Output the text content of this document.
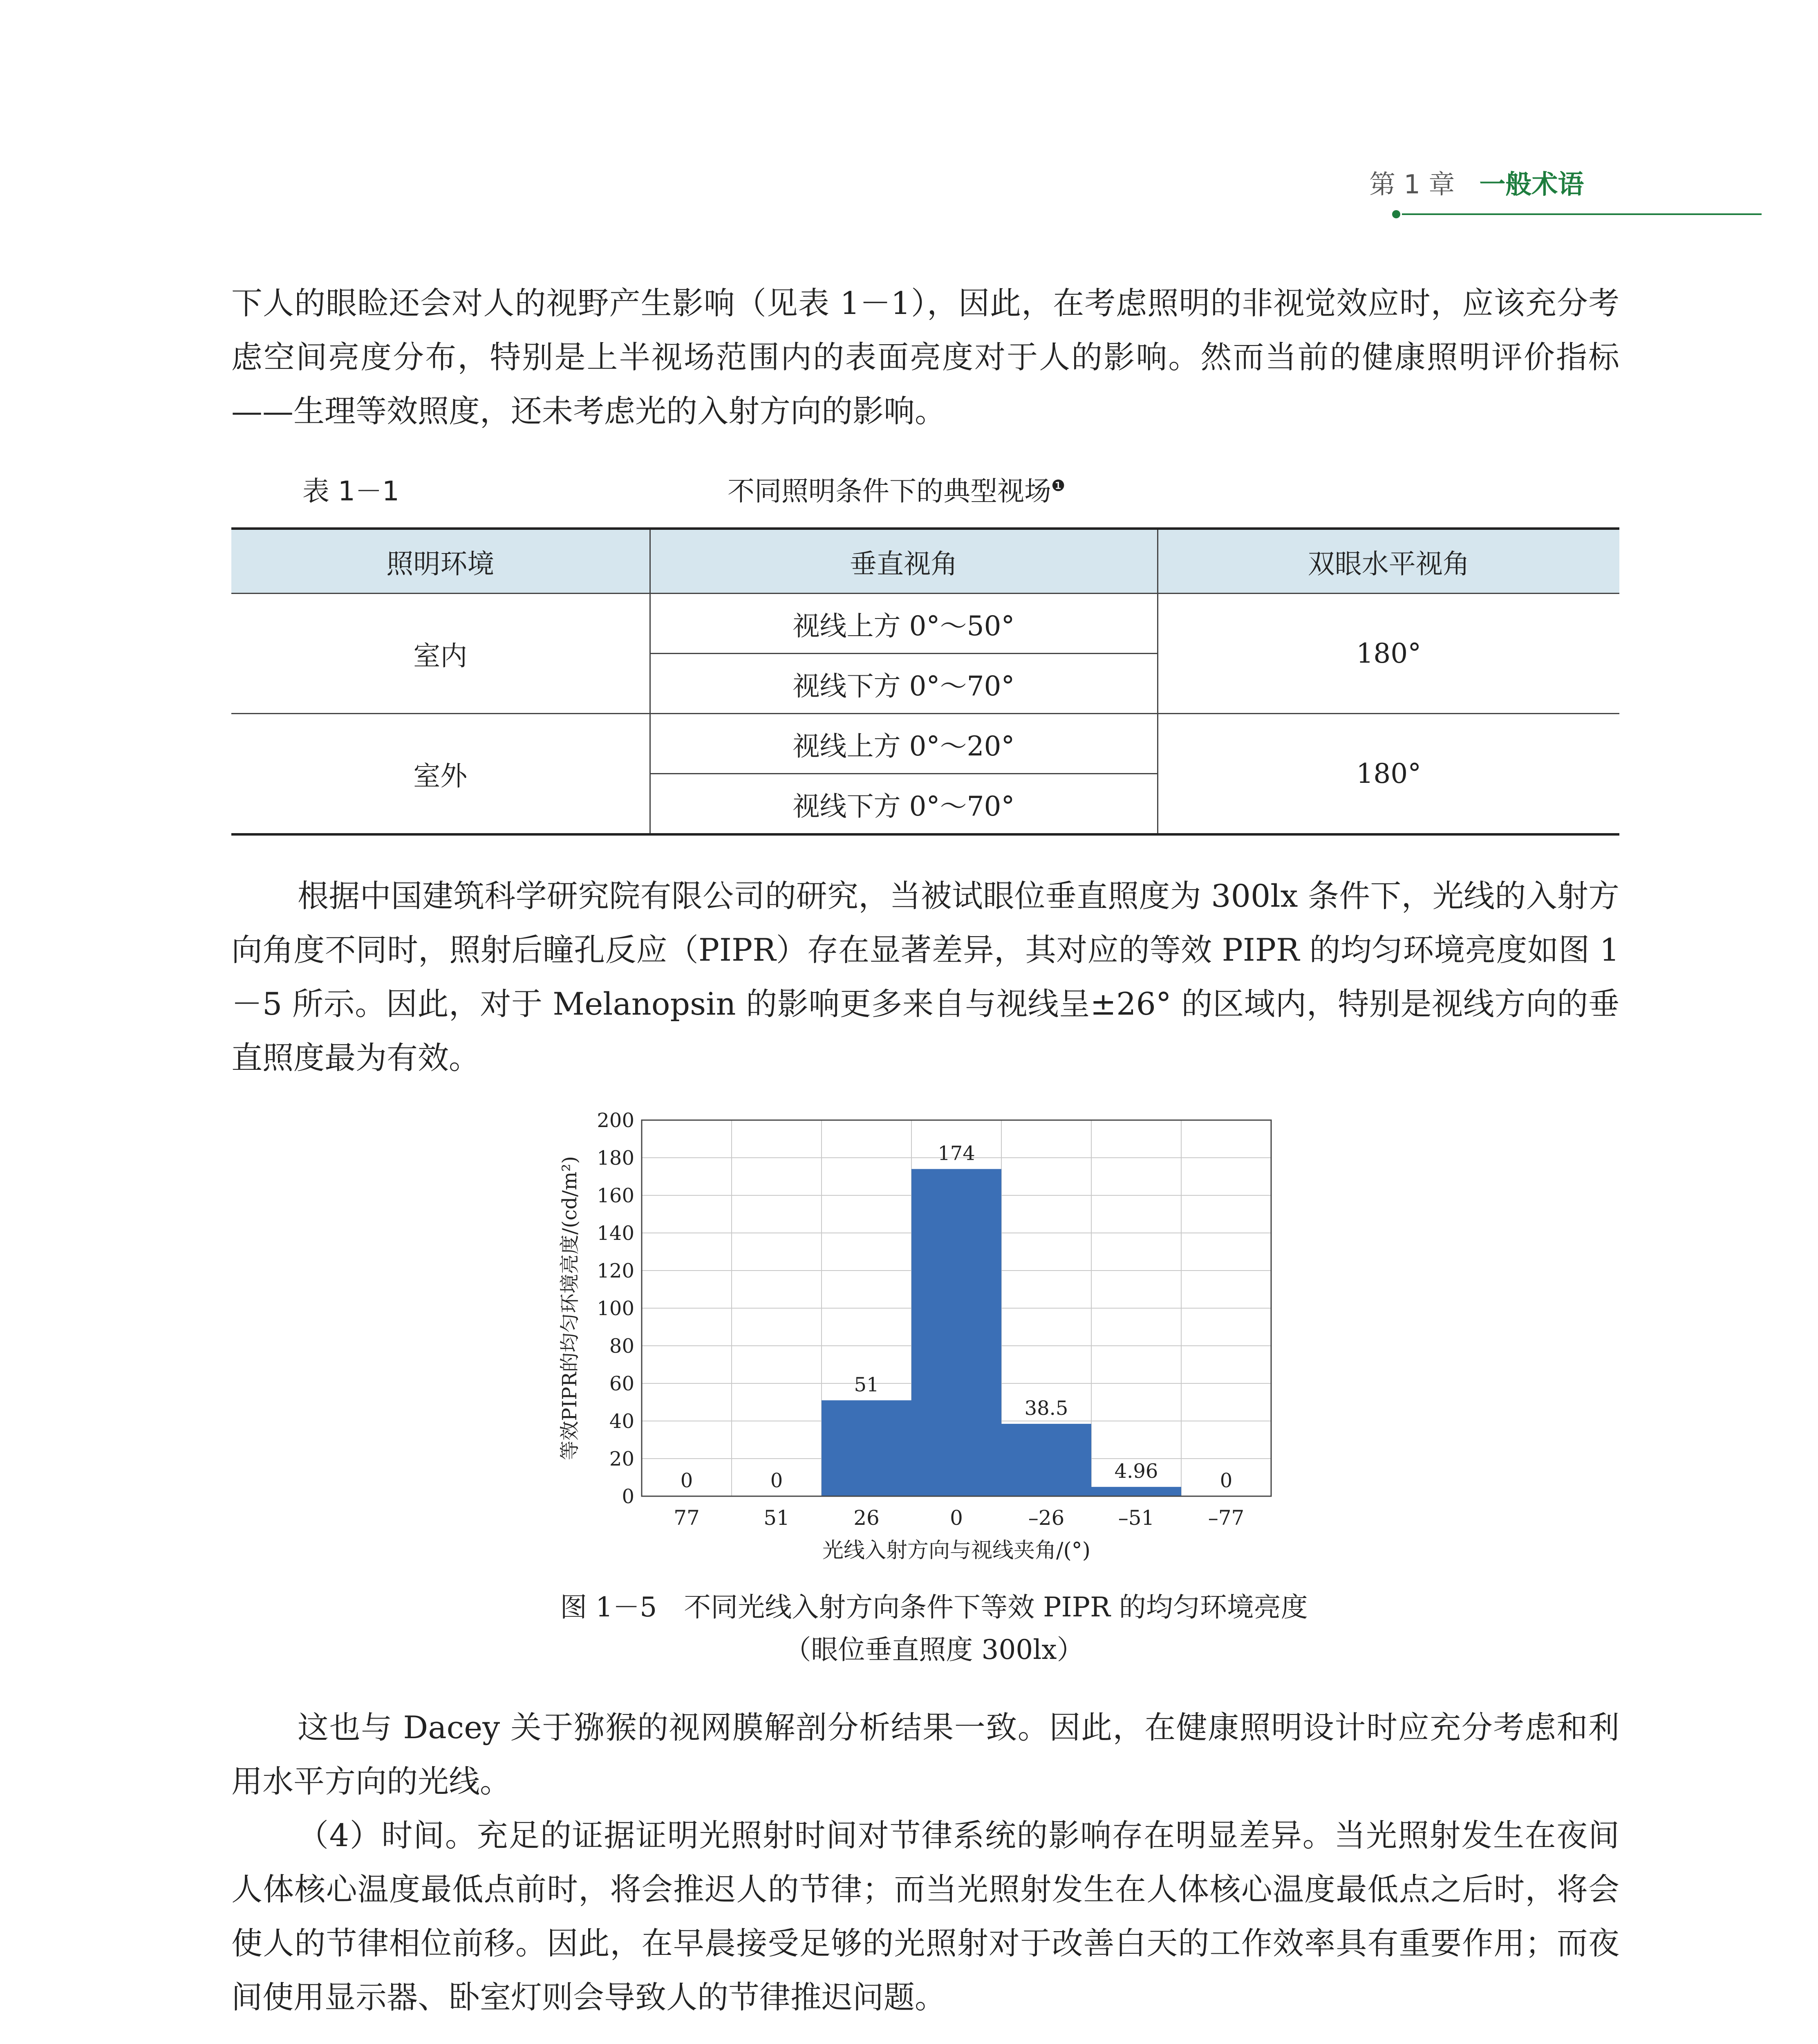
第 1 章 一般术语

下人的眼睑还会对人的视野产生影响（见表 1－1），因此，在考虑照明的非视觉效应时，应该充分考虑空间亮度分布，特别是上半视场范围内的表面亮度对于人的影响。然而当前的健康照明评价指标——生理等效照度，还未考虑光的入射方向的影响。

表 1－1	不同照明条件下的典型视场$^❶$
照明环境	垂直视角	双眼水平视角
室内	视线上方 0°～50°	180°
	视线下方 0°～70°	
室外	视线上方 0°～20°	180°
	视线下方 0°～70°	

根据中国建筑科学研究院有限公司的研究，当被试眼位垂直照度为 300lx 条件下，光线的入射方向角度不同时，照射后瞳孔反应（PIPR）存在显著差异，其对应的等效 PIPR 的均匀环境亮度如图 1－5 所示。因此，对于 Melanopsin 的影响更多来自与视线呈±26° 的区域内，特别是视线方向的垂直照度最为有效。

0
20
40
60
80
100
120
140
160
180
200
77	51	26	0	–26	–51	–77
0	0
51
174
38.5
4.96	0
光线入射方向与视线夹角/(°)
等效PIPR的均匀环境亮度/(cd/m²)

图 1－5　不同光线入射方向条件下等效 PIPR 的均匀环境亮度

（眼位垂直照度 300lx）

这也与 Dacey 关于猕猴的视网膜解剖分析结果一致。因此，在健康照明设计时应充分考虑和利用水平方向的光线。

（4）时间。充足的证据证明光照射时间对节律系统的影响存在明显差异。当光照射发生在夜间人体核心温度最低点前时，将会推迟人的节律；而当光照射发生在人体核心温度最低点之后时，将会使人的节律相位前移。因此，在早晨接受足够的光照射对于改善白天的工作效率具有重要作用；而夜间使用显示器、卧室灯则会导致人的节律推迟问题。
